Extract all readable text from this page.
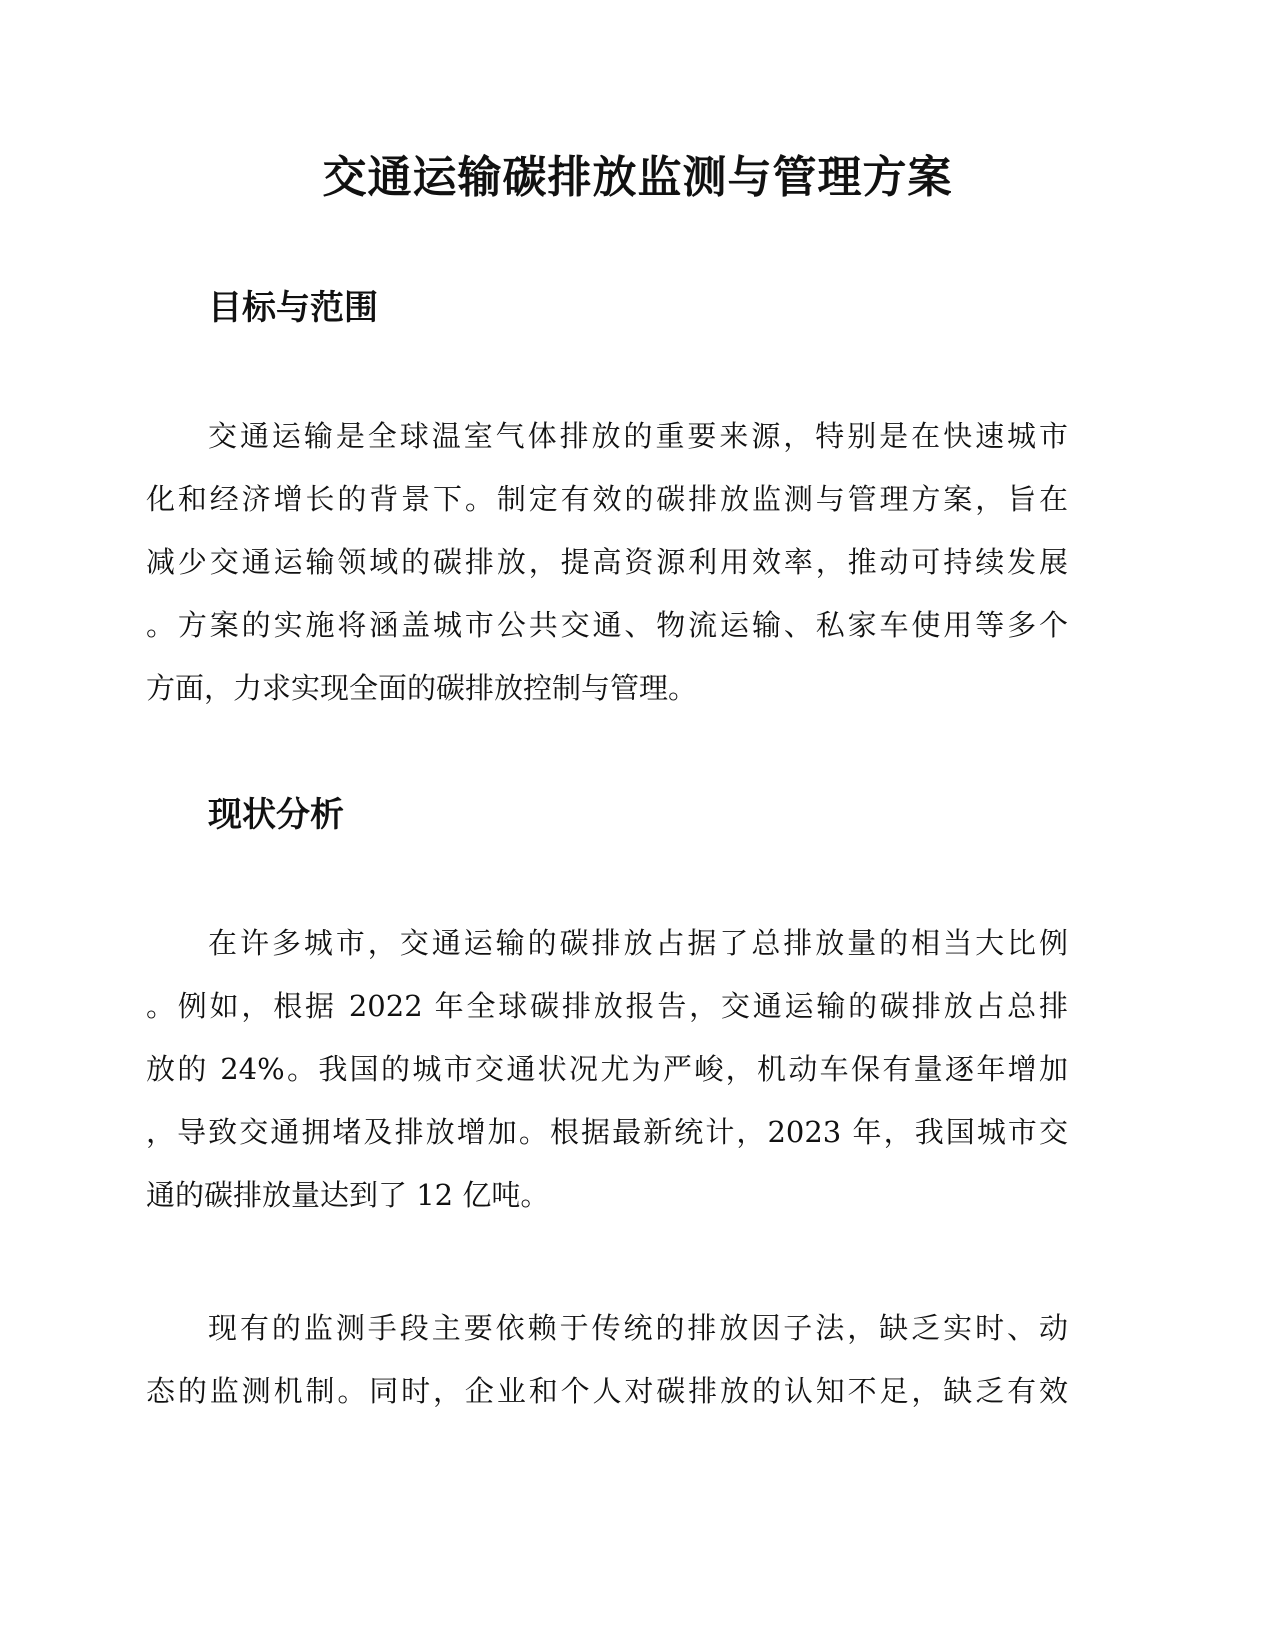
交通运输碳排放监测与管理方案
目标与范围
交通运输是全球温室气体排放的重要来源，特别是在快速城市
化和经济增长的背景下。制定有效的碳排放监测与管理方案，旨在
减少交通运输领域的碳排放，提高资源利用效率，推动可持续发展
。方案的实施将涵盖城市公共交通、物流运输、私家车使用等多个
方面，力求实现全面的碳排放控制与管理。
现状分析
在许多城市，交通运输的碳排放占据了总排放量的相当大比例
。例如，根据 2022 年全球碳排放报告，交通运输的碳排放占总排
放的 24%。我国的城市交通状况尤为严峻，机动车保有量逐年增加
，导致交通拥堵及排放增加。根据最新统计，2023 年，我国城市交
通的碳排放量达到了 12 亿吨。
现有的监测手段主要依赖于传统的排放因子法，缺乏实时、动
态的监测机制。同时，企业和个人对碳排放的认知不足，缺乏有效
